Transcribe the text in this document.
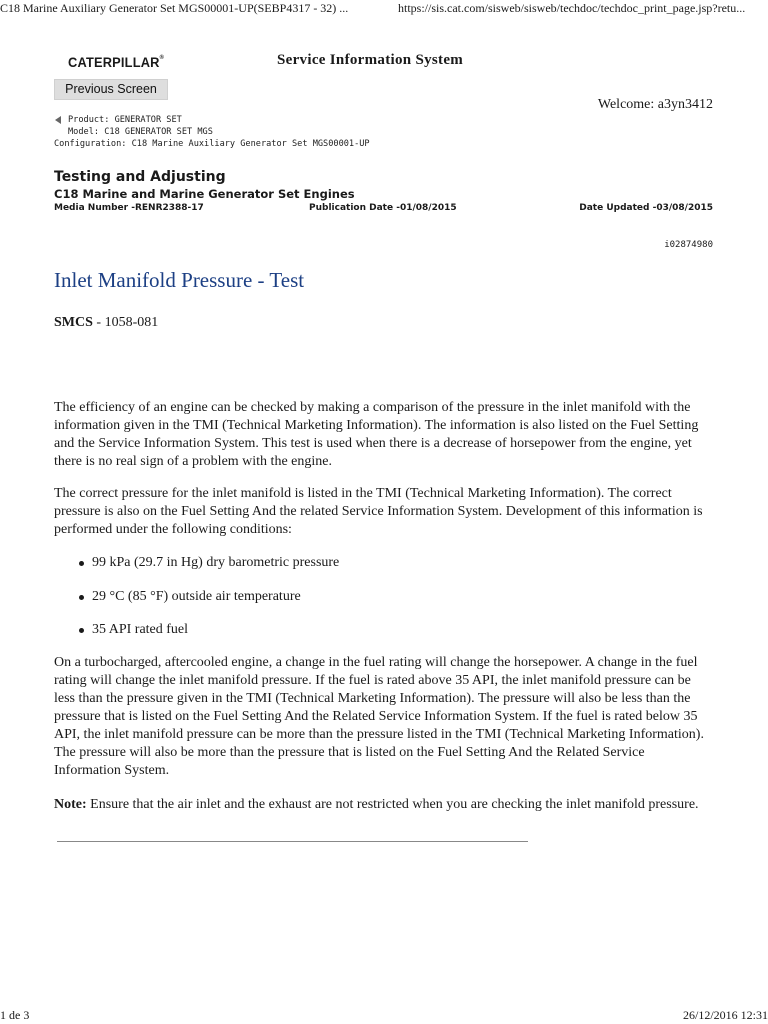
C18 Marine Auxiliary Generator Set MGS00001-UP(SEBP4317 - 32) ...	https://sis.cat.com/sisweb/sisweb/techdoc/techdoc_print_page.jsp?retu...
CATERPILLAR®	Service Information System
Previous Screen
Welcome: a3yn3412
Product: GENERATOR SET
Model: C18 GENERATOR SET MGS
Configuration: C18 Marine Auxiliary Generator Set MGS00001-UP
Testing and Adjusting
C18 Marine and Marine Generator Set Engines
Media Number -RENR2388-17	Publication Date -01/08/2015	Date Updated -03/08/2015
i02874980
Inlet Manifold Pressure - Test
SMCS - 1058-081

The efficiency of an engine can be checked by making a comparison of the pressure in the inlet manifold with the information given in the TMI (Technical Marketing Information). The information is also listed on the Fuel Setting and the Service Information System. This test is used when there is a decrease of horsepower from the engine, yet there is no real sign of a problem with the engine.

The correct pressure for the inlet manifold is listed in the TMI (Technical Marketing Information). The correct pressure is also on the Fuel Setting And the related Service Information System. Development of this information is performed under the following conditions:

99 kPa (29.7 in Hg) dry barometric pressure
29 °C (85 °F) outside air temperature
35 API rated fuel

On a turbocharged, aftercooled engine, a change in the fuel rating will change the horsepower. A change in the fuel rating will change the inlet manifold pressure. If the fuel is rated above 35 API, the inlet manifold pressure can be less than the pressure given in the TMI (Technical Marketing Information). The pressure will also be less than the pressure that is listed on the Fuel Setting And the Related Service Information System. If the fuel is rated below 35 API, the inlet manifold pressure can be more than the pressure listed in the TMI (Technical Marketing Information). The pressure will also be more than the pressure that is listed on the Fuel Setting And the Related Service Information System.

Note: Ensure that the air inlet and the exhaust are not restricted when you are checking the inlet manifold pressure.

1 de 3	26/12/2016 12:31
